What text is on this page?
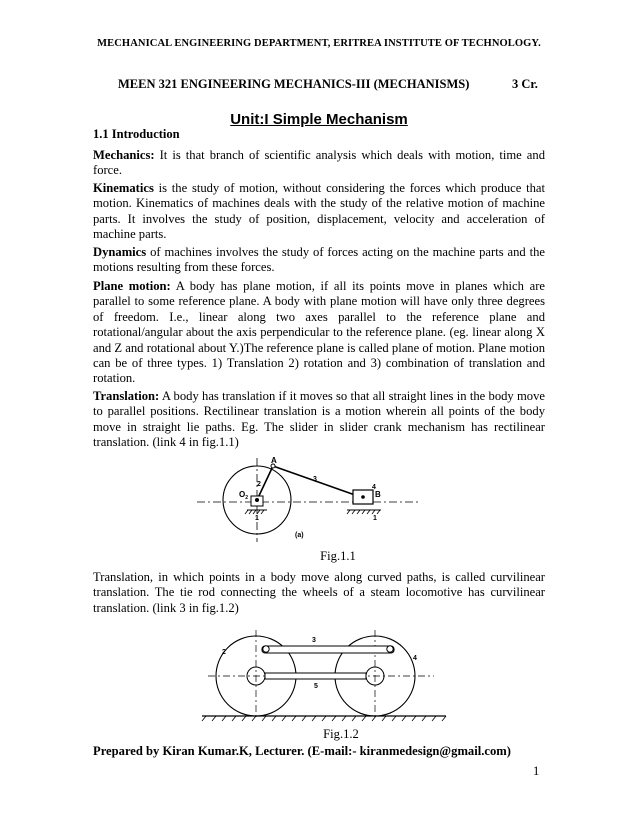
MECHANICAL ENGINEERING DEPARTMENT, ERITREA INSTITUTE OF TECHNOLOGY.
MEEN 321 ENGINEERING MECHANICS-III (MECHANISMS)	3 Cr.
Unit:I Simple Mechanism
1.1 Introduction

Mechanics: It is that branch of scientific analysis which deals with motion, time and force.

Kinematics is the study of motion, without considering the forces which produce that motion. Kinematics of machines deals with the study of the relative motion of machine parts. It involves the study of position, displacement, velocity and acceleration of machine parts.

Dynamics of machines involves the study of forces acting on the machine parts and the motions resulting from these forces.

Plane motion: A body has plane motion, if all its points move in planes which are parallel to some reference plane. A body with plane motion will have only three degrees of freedom. I.e., linear along two axes parallel to the reference plane and rotational/angular about the axis perpendicular to the reference plane. (eg. linear along X and Z and rotational about Y.)The reference plane is called plane of motion. Plane motion can be of three types. 1) Translation 2) rotation and 3) combination of translation and rotation.

Translation: A body has translation if it moves so that all straight lines in the body move to parallel positions. Rectilinear translation is a motion wherein all points of the body move in straight lie paths. Eg. The slider in slider crank mechanism has rectilinear translation. (link 4 in fig.1.1)

A
B
$O_2$
2
3
4
1	1
(a)
Fig.1.1

Translation, in which points in a body move along curved paths, is called curvilinear translation. The tie rod connecting the wheels of a steam locomotive has curvilinear translation. (link 3 in fig.1.2)

2
3
4
5
Fig.1.2
Prepared by Kiran Kumar.K, Lecturer. (E-mail:- kiranmedesign@gmail.com)
1
